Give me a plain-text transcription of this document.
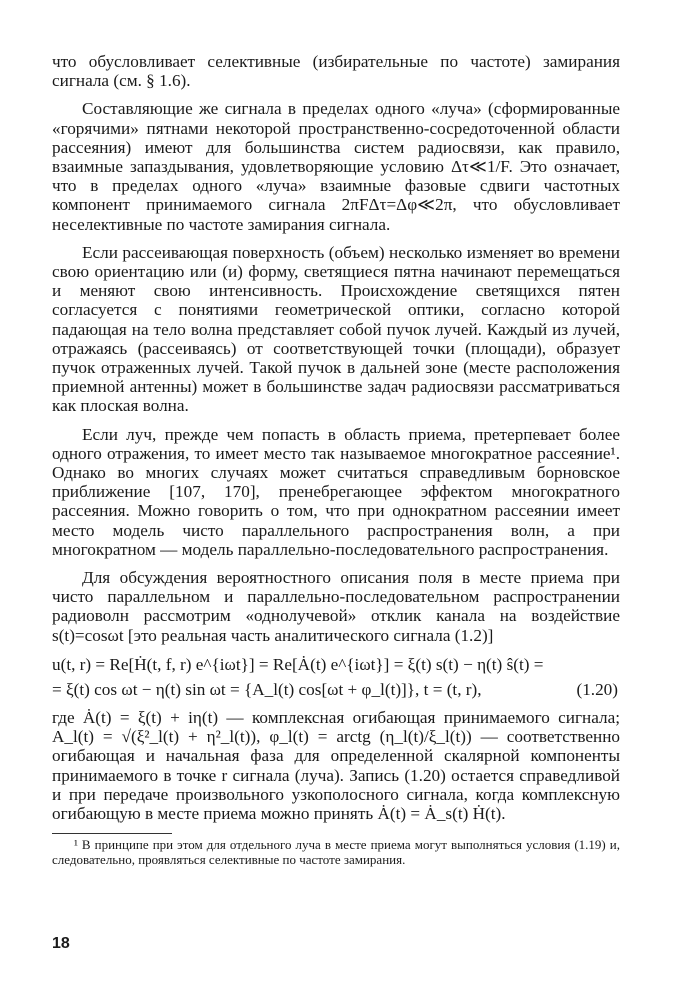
что обусловливает селективные (избирательные по частоте) замирания сигнала (см. § 1.6).

Составляющие же сигнала в пределах одного «луча» (сформированные «горячими» пятнами некоторой пространственно-сосредоточенной области рассеяния) имеют для большинства систем радиосвязи, как правило, взаимные запаздывания, удовлетворяющие условию Δτ≪1/F. Это означает, что в пределах одного «луча» взаимные фазовые сдвиги частотных компонент принимаемого сигнала 2πFΔτ=Δφ≪2π, что обусловливает неселективные по частоте замирания сигнала.

Если рассеивающая поверхность (объем) несколько изменяет во времени свою ориентацию или (и) форму, светящиеся пятна начинают перемещаться и меняют свою интенсивность. Происхождение светящихся пятен согласуется с понятиями геометрической оптики, согласно которой падающая на тело волна представляет собой пучок лучей. Каждый из лучей, отражаясь (рассеиваясь) от соответствующей точки (площади), образует пучок отраженных лучей. Такой пучок в дальней зоне (месте расположения приемной антенны) может в большинстве задач радиосвязи рассматриваться как плоская волна.

Если луч, прежде чем попасть в область приема, претерпевает более одного отражения, то имеет место так называемое многократное рассеяние¹. Однако во многих случаях может считаться справедливым борновское приближение [107, 170], пренебрегающее эффектом многократного рассеяния. Можно говорить о том, что при однократном рассеянии имеет место модель чисто параллельного распространения волн, а при многократном — модель параллельно-последовательного распространения.

Для обсуждения вероятностного описания поля в месте приема при чисто параллельном и параллельно-последовательном распространении радиоволн рассмотрим «однолучевой» отклик канала на воздействие s(t)=cosωt [это реальная часть аналитического сигнала (1.2)]

u(t, r) = Re[Ḣ(t, f, r) e^{iωt}] = Re[Ȧ(t) e^{iωt}] = ξ(t) s(t) − η(t) ŝ(t) =
= ξ(t) cos ωt − η(t) sin ωt = {A_l(t) cos[ωt + φ_l(t)]}, t = (t, r),	(1.20)

где Ȧ(t) = ξ(t) + iη(t) — комплексная огибающая принимаемого сигнала; A_l(t) = √(ξ²_l(t) + η²_l(t)), φ_l(t) = arctg (η_l(t)/ξ_l(t)) — соответственно огибающая и начальная фаза для определенной скалярной компоненты принимаемого в точке r сигнала (луча). Запись (1.20) остается справедливой и при передаче произвольного узкополосного сигнала, когда комплексную огибающую в месте приема можно принять Ȧ(t) = Ȧ_s(t) Ḣ(t).

¹ В принципе при этом для отдельного луча в месте приема могут выполняться условия (1.19) и, следовательно, проявляться селективные по частоте замирания.

18
